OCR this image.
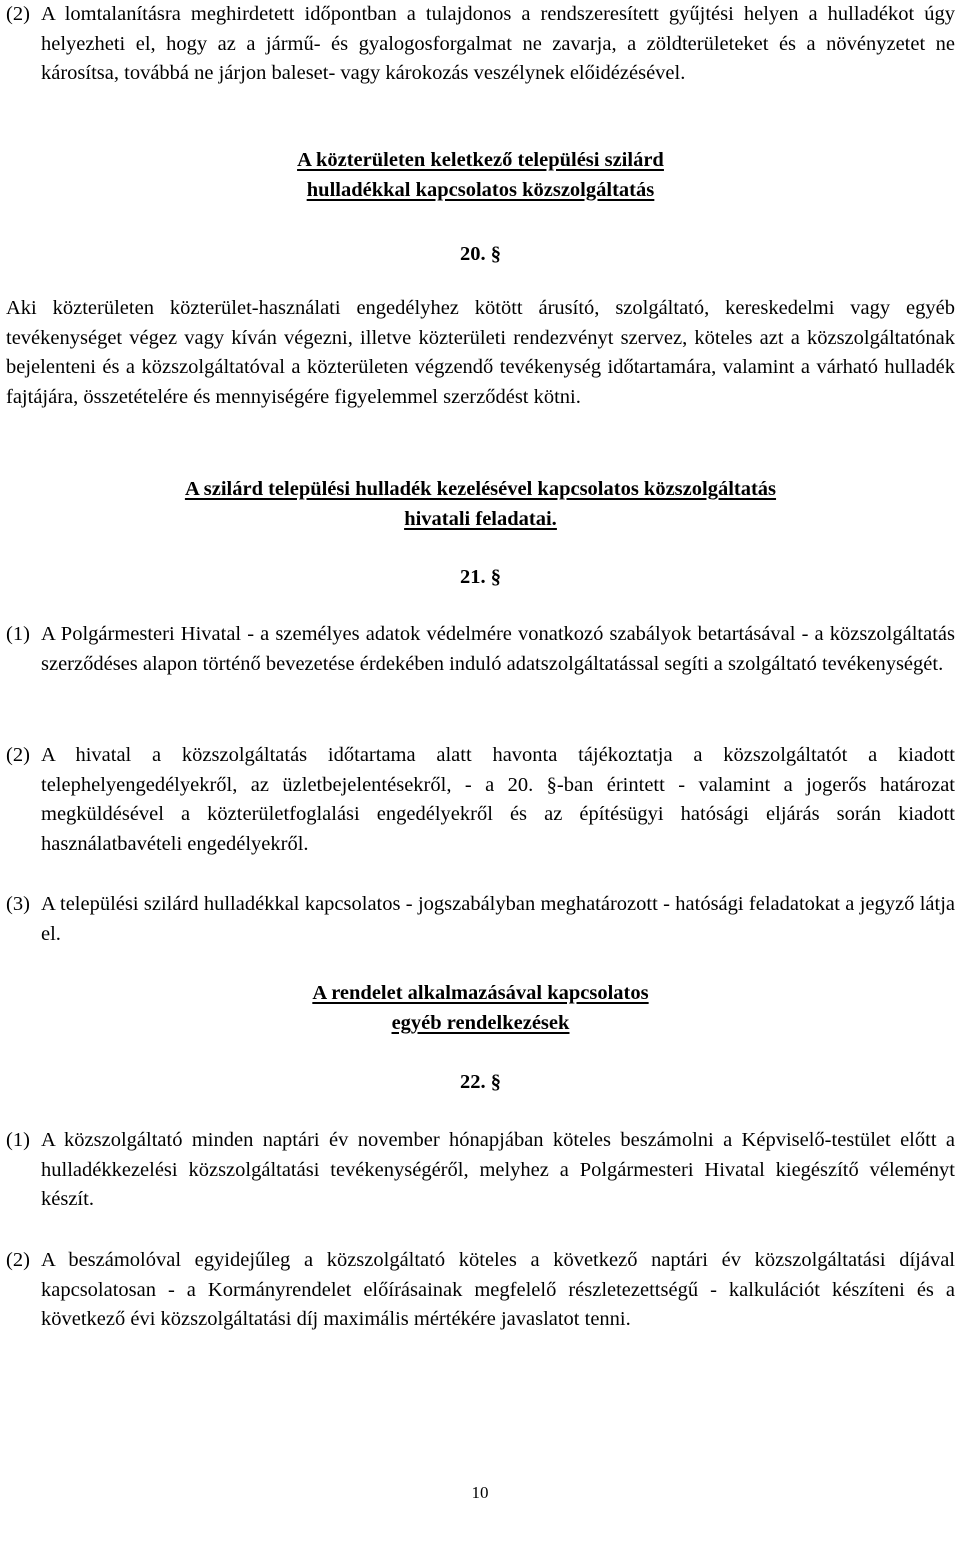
(2) A lomtalanításra meghirdetett időpontban a tulajdonos a rendszeresített gyűjtési helyen a hulladékot úgy helyezheti el, hogy az a jármű- és gyalogosforgalmat ne zavarja, a zöldterületeket és a növényzetet ne károsítsa, továbbá ne járjon baleset- vagy károkozás veszélynek előidézésével.
A közterületen keletkező települési szilárd
hulladékkal kapcsolatos közszolgáltatás
20. §
Aki közterületen közterület-használati engedélyhez kötött árusító, szolgáltató, kereskedelmi vagy egyéb tevékenységet végez vagy kíván végezni, illetve közterületi rendezvényt szervez, köteles azt a közszolgáltatónak bejelenteni és a közszolgáltatóval a közterületen végzendő tevékenység időtartamára, valamint a várható hulladék fajtájára, összetételére és mennyiségére figyelemmel szerződést kötni.
A szilárd települési hulladék kezelésével kapcsolatos közszolgáltatás
hivatali feladatai.
21. §
(1) A Polgármesteri Hivatal - a személyes adatok védelmére vonatkozó szabályok betartásával - a közszolgáltatás szerződéses alapon történő bevezetése érdekében induló adatszolgáltatással segíti a szolgáltató tevékenységét.
(2) A hivatal a közszolgáltatás időtartama alatt havonta tájékoztatja a közszolgáltatót a kiadott telephelyengedélyekről, az üzletbejelentésekről, - a 20. §-ban érintett - valamint a jogerős határozat megküldésével a közterületfoglalási engedélyekről és az építésügyi hatósági eljárás során kiadott használatbavételi engedélyekről.
(3) A települési szilárd hulladékkal kapcsolatos - jogszabályban meghatározott - hatósági feladatokat a jegyző látja el.
A rendelet alkalmazásával kapcsolatos
egyéb rendelkezések
22. §
(1) A közszolgáltató minden naptári év november hónapjában köteles beszámolni a Képviselő-testület előtt a hulladékkezelési közszolgáltatási tevékenységéről, melyhez a Polgármesteri Hivatal kiegészítő véleményt készít.
(2) A beszámolóval egyidejűleg a közszolgáltató köteles a következő naptári év közszolgáltatási díjával kapcsolatosan - a Kormányrendelet előírásainak megfelelő részletezettségű - kalkulációt készíteni és a következő évi közszolgáltatási díj maximális mértékére javaslatot tenni.
10
